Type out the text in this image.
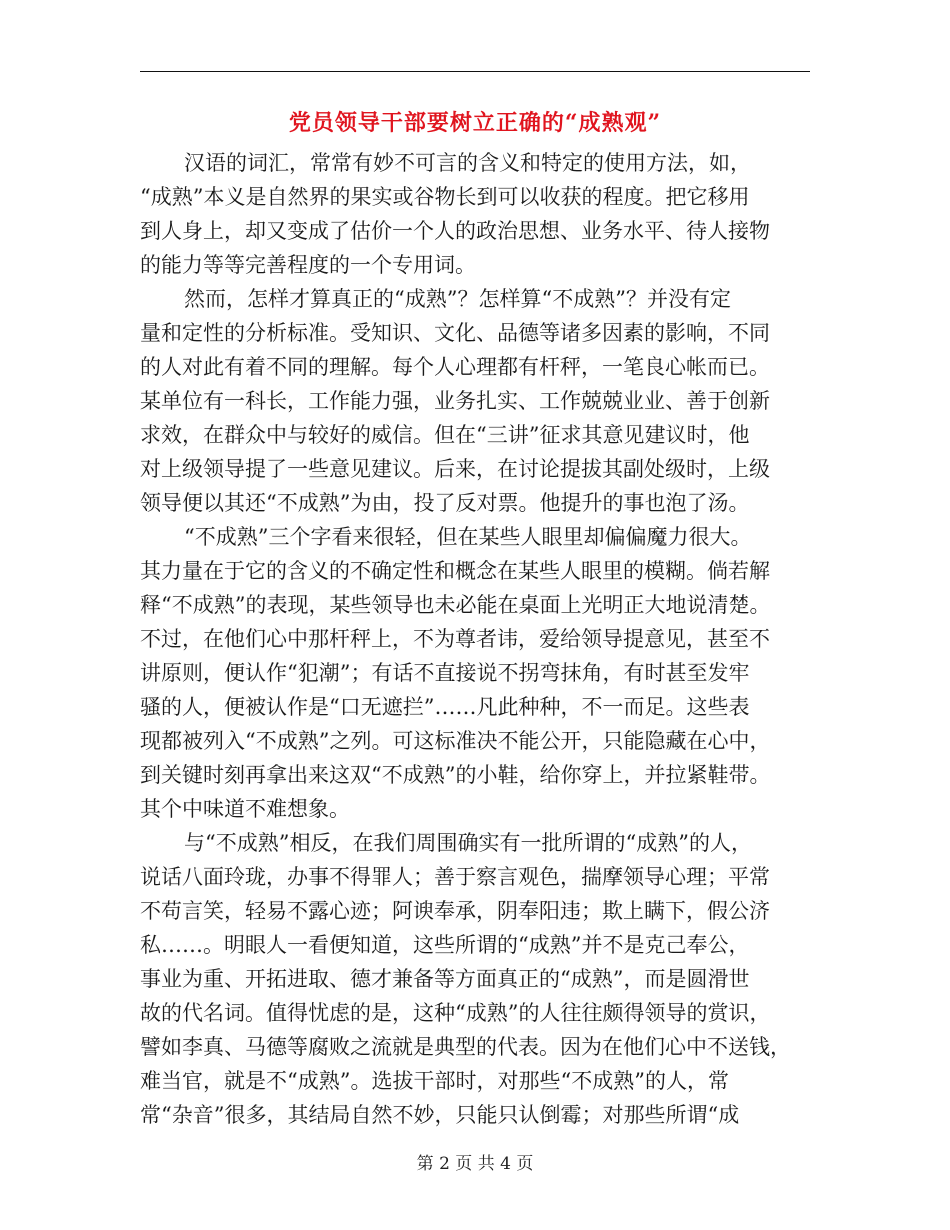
党员领导干部要树立正确的“成熟观”

汉语的词汇，常常有妙不可言的含义和特定的使用方法，如，
“成熟”本义是自然界的果实或谷物长到可以收获的程度。把它移用
到人身上，却又变成了估价一个人的政治思想、业务水平、待人接物
的能力等等完善程度的一个专用词。

然而，怎样才算真正的“成熟”？怎样算“不成熟”？并没有定
量和定性的分析标准。受知识、文化、品德等诸多因素的影响，不同
的人对此有着不同的理解。每个人心理都有杆秤，一笔良心帐而已。
某单位有一科长，工作能力强，业务扎实、工作兢兢业业、善于创新
求效，在群众中与较好的威信。但在“三讲”征求其意见建议时，他
对上级领导提了一些意见建议。后来，在讨论提拔其副处级时，上级
领导便以其还“不成熟”为由，投了反对票。他提升的事也泡了汤。

“不成熟”三个字看来很轻，但在某些人眼里却偏偏魔力很大。
其力量在于它的含义的不确定性和概念在某些人眼里的模糊。倘若解
释“不成熟”的表现，某些领导也未必能在桌面上光明正大地说清楚。
不过，在他们心中那杆秤上，不为尊者讳，爱给领导提意见，甚至不
讲原则，便认作“犯潮”；有话不直接说不拐弯抹角，有时甚至发牢
骚的人，便被认作是“口无遮拦”……凡此种种，不一而足。这些表
现都被列入“不成熟”之列。可这标准决不能公开，只能隐藏在心中，
到关键时刻再拿出来这双“不成熟”的小鞋，给你穿上，并拉紧鞋带。
其个中味道不难想象。

与“不成熟”相反，在我们周围确实有一批所谓的“成熟”的人，
说话八面玲珑，办事不得罪人；善于察言观色，揣摩领导心理；平常
不苟言笑，轻易不露心迹；阿谀奉承，阴奉阳违；欺上瞒下，假公济
私……。明眼人一看便知道，这些所谓的“成熟”并不是克己奉公，
事业为重、开拓进取、德才兼备等方面真正的“成熟”，而是圆滑世
故的代名词。值得忧虑的是，这种“成熟”的人往往颇得领导的赏识，
譬如李真、马德等腐败之流就是典型的代表。因为在他们心中不送钱，
难当官，就是不“成熟”。选拔干部时，对那些“不成熟”的人，常
常“杂音”很多，其结局自然不妙，只能只认倒霉；对那些所谓“成

第 2 页 共 4 页
